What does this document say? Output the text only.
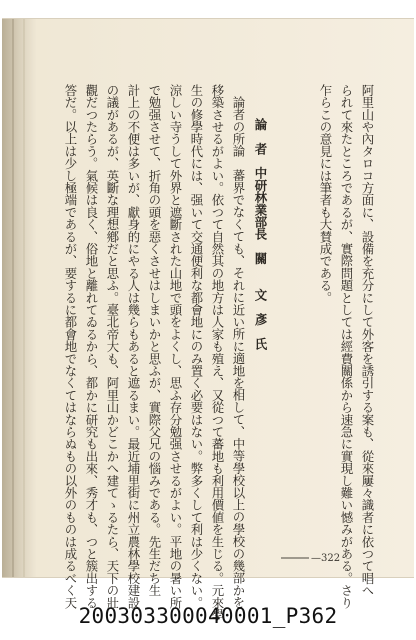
阿里山や內タロコ方面に、設備を充分にして外客を誘引する案も、從來屢々識者に依つて唱へ
られて來たところであるが、實際問題としては經費關係から速急に實現し難い憾みがある。さり
乍らこの意見には筆者も大賛成である。
論　者　中研林業部長　關　　文　彥　氏
論者の所論　蕃界でなくても、それに近い所に適地を相して、中等學校以上の學校の幾部かを
移築させるがよい。依つて自然其の地方は人家も殖え、又從つて蕃地も利用價値を生じる。元來學
生の修學時代には、强いて交通便利な都會地にのみ置く必要はない。弊多くして利は少くない。
涼しい寺うして外界と遮斷された山地で頭をよくし、思ふ存分勉强させるがよい。平地の暑い所
で勉强させて、折角の頭を惡くさせはしまいかと思ふが、實際父兄の惱みである。先生だち生
計上の不便は多いが、獻身的にやる人は幾らもあると遮るまい。最近埔里街に州立農林學校建設
の議があるが、英斷な理想鄕だと思ふ。臺北帝大も、阿里山かどこかへ建てゝるたら、天下の壯
觀だつたらう。氣候は良く、俗地と離れてゐるから、都かに研究も出來、秀才も、つと簇出する
答だ。以上は少し極端であるが、要するに都會地でなくてはならぬもの以外のものは成るべく天	—322
200303300040001_P362
